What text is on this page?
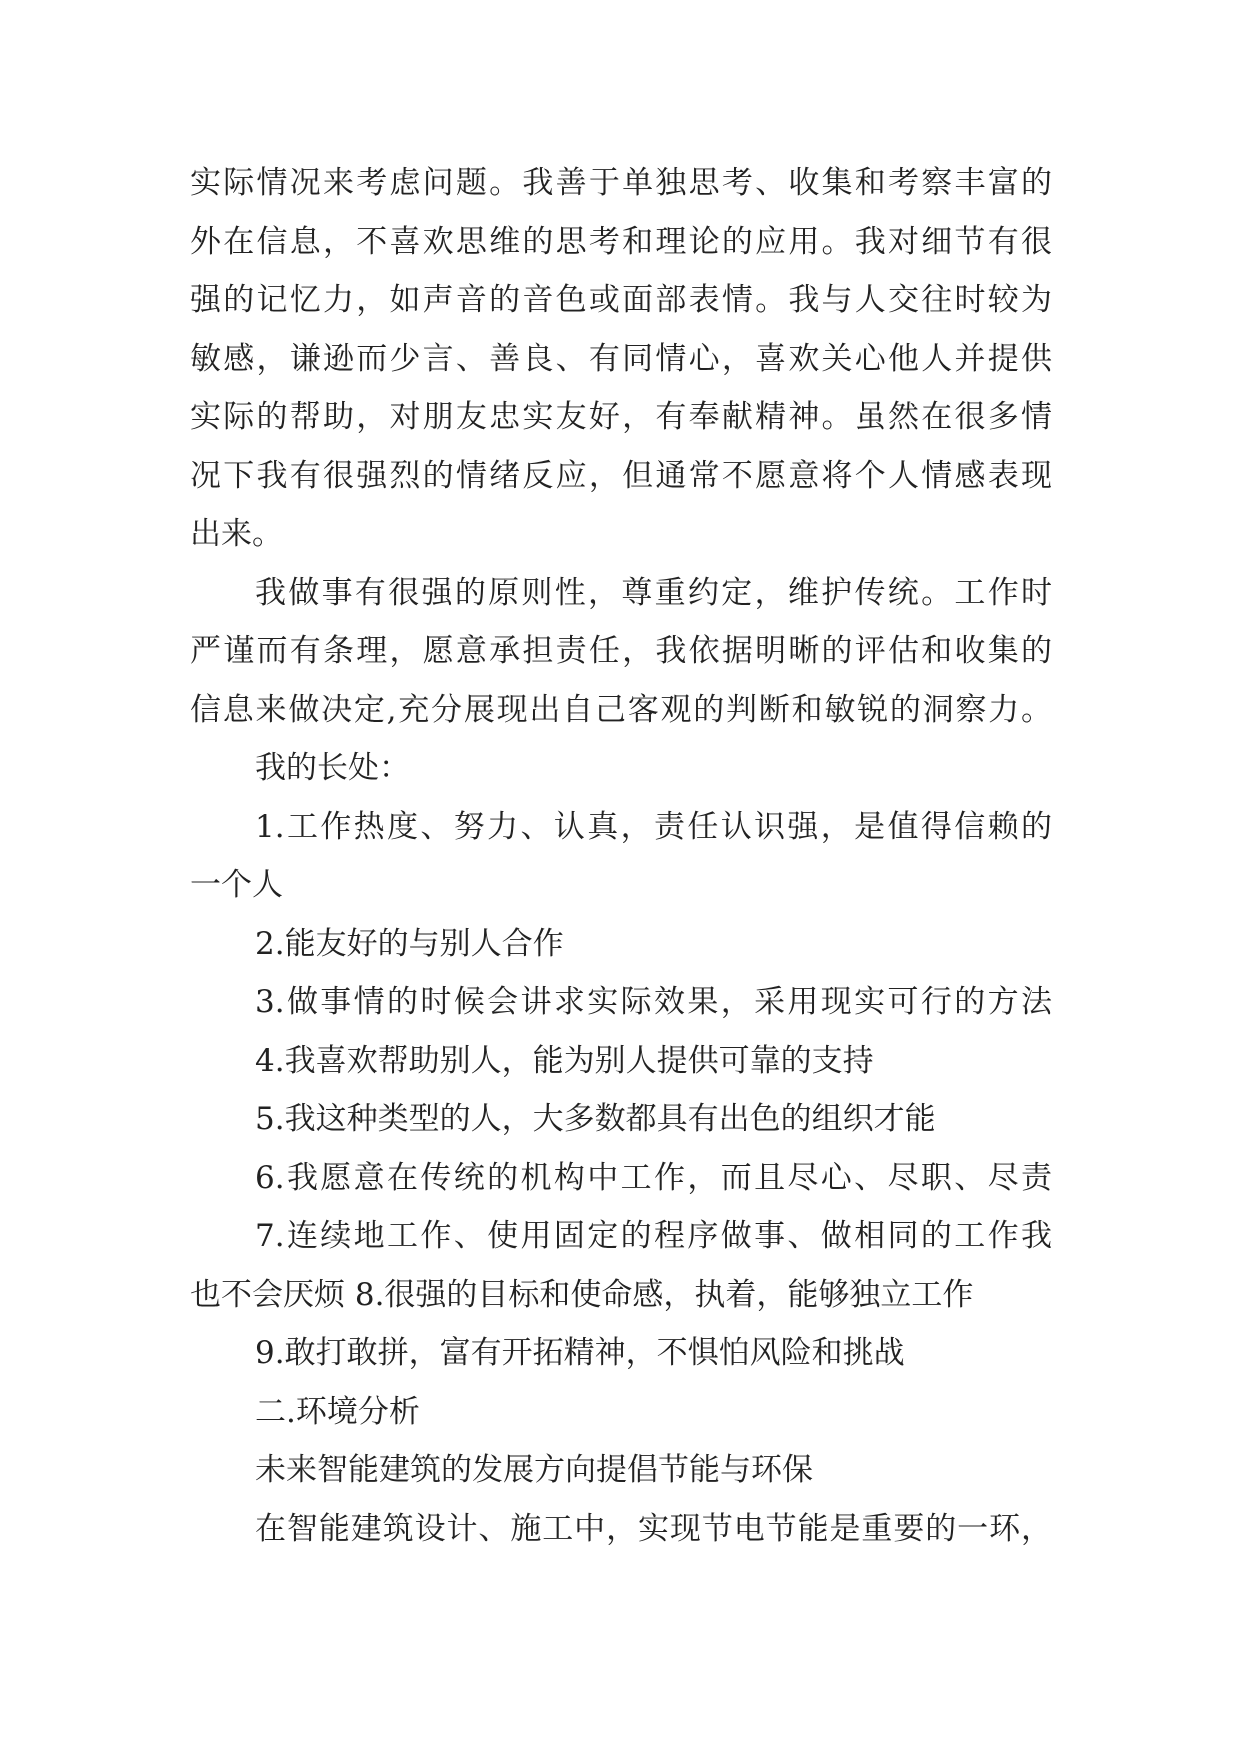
实际情况来考虑问题。我善于单独思考、收集和考察丰富的
外在信息，不喜欢思维的思考和理论的应用。我对细节有很
强的记忆力，如声音的音色或面部表情。我与人交往时较为
敏感，谦逊而少言、善良、有同情心，喜欢关心他人并提供
实际的帮助，对朋友忠实友好，有奉献精神。虽然在很多情
况下我有很强烈的情绪反应，但通常不愿意将个人情感表现
出来。
我做事有很强的原则性，尊重约定，维护传统。工作时
严谨而有条理，愿意承担责任，我依据明晰的评估和收集的
信息来做决定,充分展现出自己客观的判断和敏锐的洞察力。
我的长处：
1.工作热度、努力、认真，责任认识强，是值得信赖的
一个人
2.能友好的与别人合作
3.做事情的时候会讲求实际效果，采用现实可行的方法
4.我喜欢帮助别人，能为别人提供可靠的支持
5.我这种类型的人，大多数都具有出色的组织才能
6.我愿意在传统的机构中工作，而且尽心、尽职、尽责
7.连续地工作、使用固定的程序做事、做相同的工作我
也不会厌烦 8.很强的目标和使命感，执着，能够独立工作
9.敢打敢拼，富有开拓精神，不惧怕风险和挑战
二.环境分析
未来智能建筑的发展方向提倡节能与环保
在智能建筑设计、施工中，实现节电节能是重要的一环，
